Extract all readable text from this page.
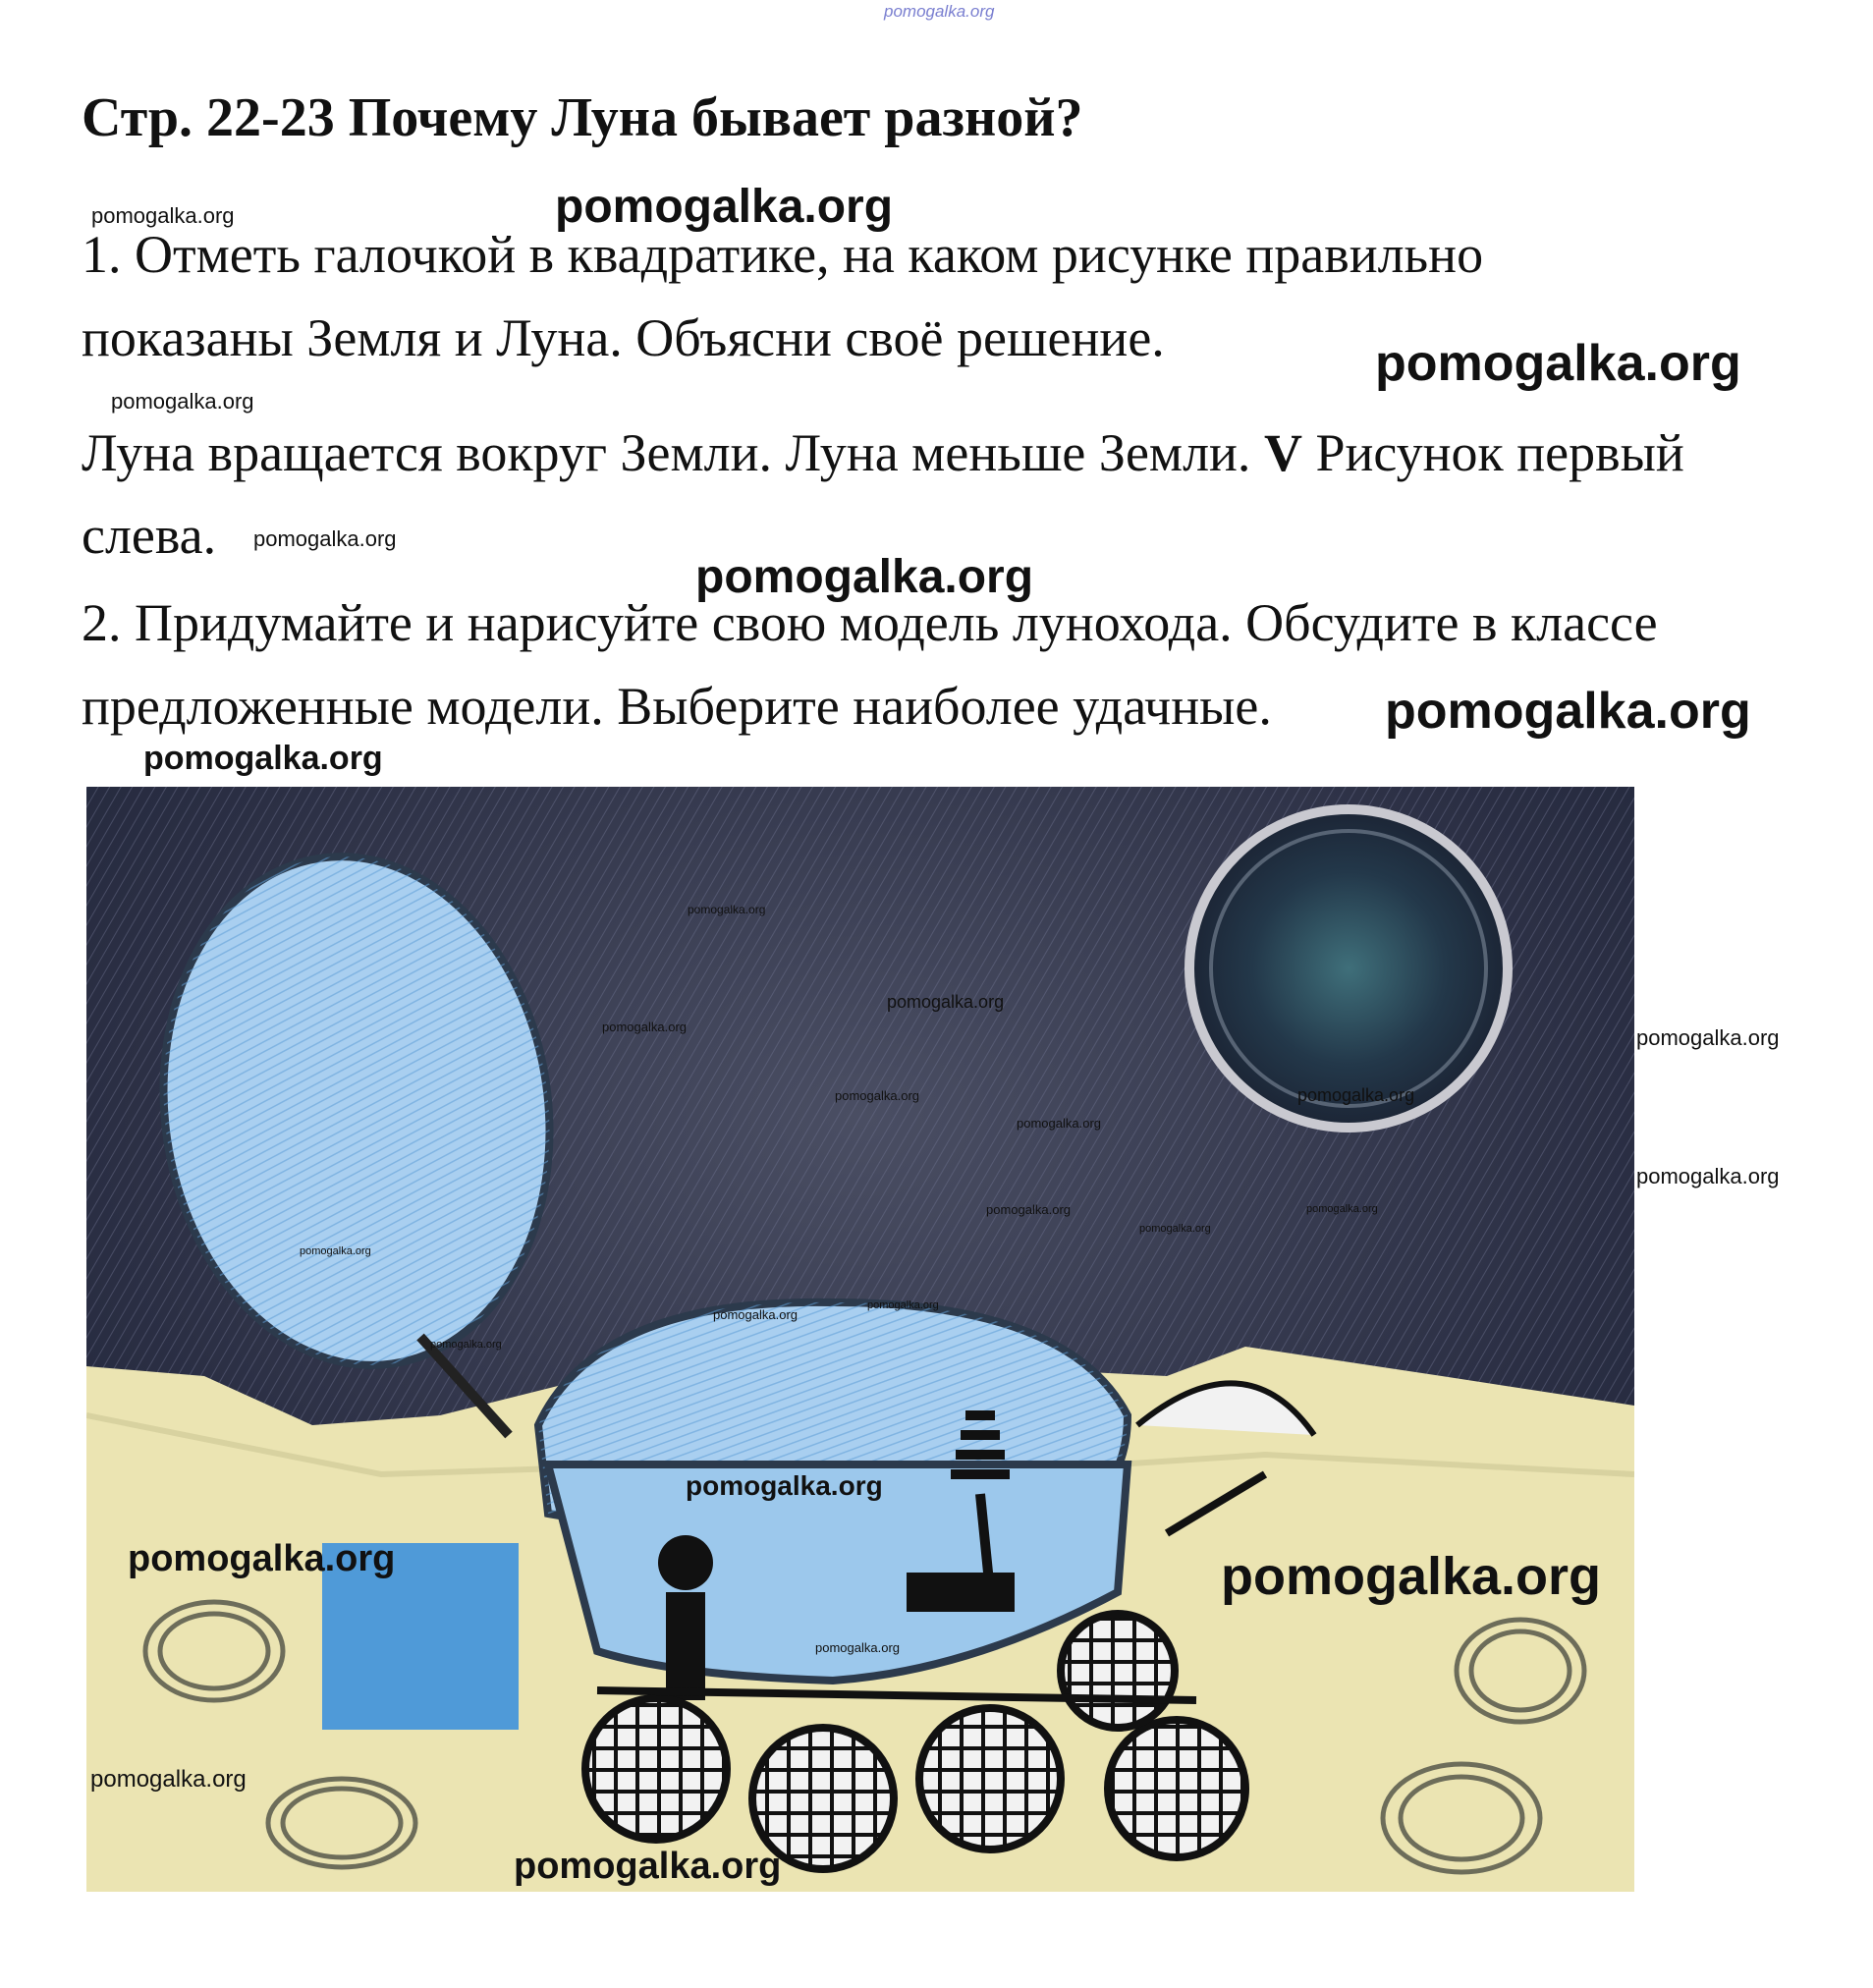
pomogalka.org
Стр. 22-23 Почему Луна бывает разной?
pomogalka.org	pomogalka.org
1. Отметь галочкой в квадратике, на каком рисунке правильно
показаны Земля и Луна. Объясни своё решение.	pomogalka.org
pomogalka.org
Луна вращается вокруг Земли. Луна меньше Земли. V Рисунок первый
слева. pomogalka.org
pomogalka.org
2. Придумайте и нарисуйте свою модель лунохода. Обсудите в классе
предложенные модели. Выберите наиболее удачные. pomogalka.org
pomogalka.org
pomogalka.org
pomogalka.org
pomogalka.org
pomogalka.org
pomogalka.org
pomogalka.org
pomogalka.org
pomogalka.org
pomogalka.org
pomogalka.org
pomogalka.org
pomogalka.org
pomogalka.org
pomogalka.org
pomogalka.org
pomogalka.org
pomogalka.org	pomogalka.org
pomogalka.org
pomogalka.org
pomogalka.org
